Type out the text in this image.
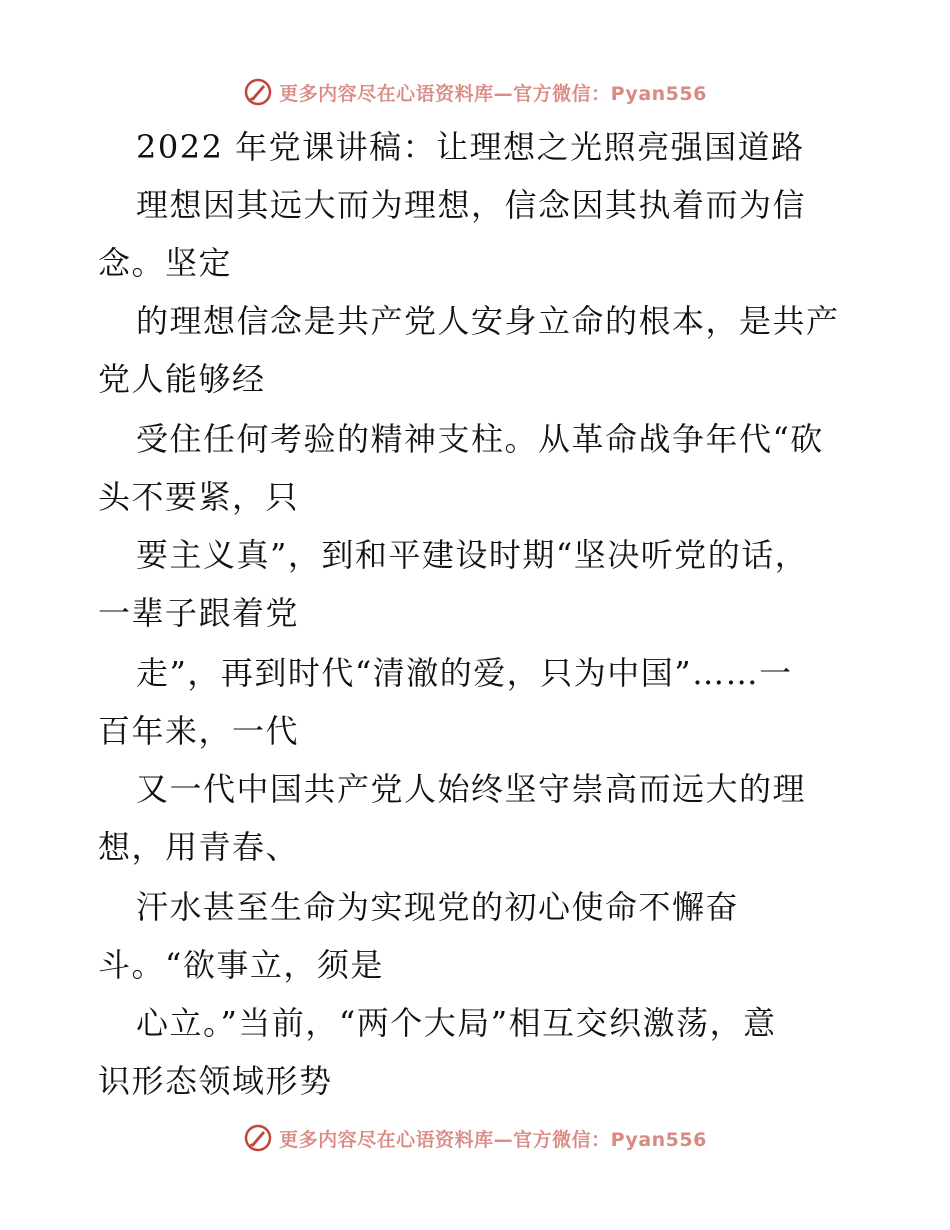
更多内容尽在心语资料库—官方微信：Pyan556
2022 年党课讲稿：让理想之光照亮强国道路
理想因其远大而为理想，信念因其执着而为信
念。坚定
的理想信念是共产党人安身立命的根本，是共产
党人能够经
受住任何考验的精神支柱。从革命战争年代“砍
头不要紧，只
要主义真”，到和平建设时期“坚决听党的话，
一辈子跟着党
走”，再到时代“清澈的爱，只为中国”……一
百年来，一代
又一代中国共产党人始终坚守崇高而远大的理
想，用青春、
汗水甚至生命为实现党的初心使命不懈奋
斗。“欲事立，须是
心立。”当前，“两个大局”相互交织激荡，意
识形态领域形势
更多内容尽在心语资料库—官方微信：Pyan556
